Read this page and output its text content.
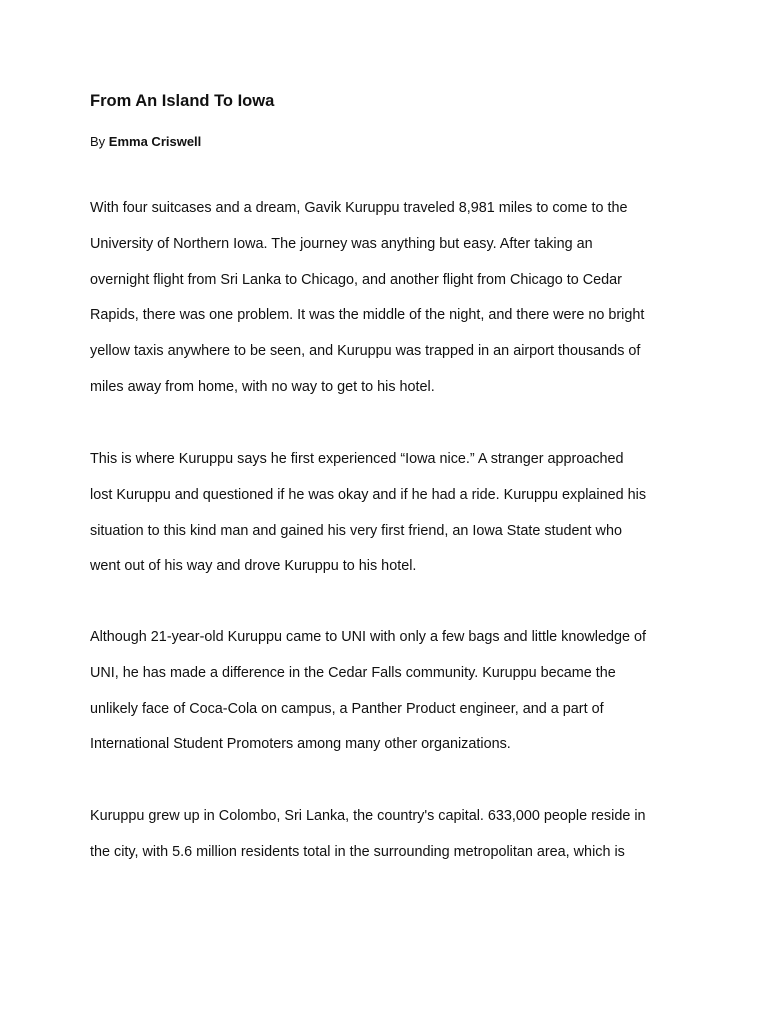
From An Island To Iowa
By Emma Criswell
With four suitcases and a dream, Gavik Kuruppu traveled 8,981 miles to come to the
University of Northern Iowa. The journey was anything but easy. After taking an
overnight flight from Sri Lanka to Chicago, and another flight from Chicago to Cedar
Rapids, there was one problem. It was the middle of the night, and there were no bright
yellow taxis anywhere to be seen, and Kuruppu was trapped in an airport thousands of
miles away from home, with no way to get to his hotel.
This is where Kuruppu says he first experienced “Iowa nice.” A stranger approached
lost Kuruppu and questioned if he was okay and if he had a ride. Kuruppu explained his
situation to this kind man and gained his very first friend, an Iowa State student who
went out of his way and drove Kuruppu to his hotel.
Although 21-year-old Kuruppu came to UNI with only a few bags and little knowledge of
UNI, he has made a difference in the Cedar Falls community. Kuruppu became the
unlikely face of Coca-Cola on campus, a Panther Product engineer, and a part of
International Student Promoters among many other organizations.
Kuruppu grew up in Colombo, Sri Lanka, the country's capital. 633,000 people reside in
the city, with 5.6 million residents total in the surrounding metropolitan area, which is
